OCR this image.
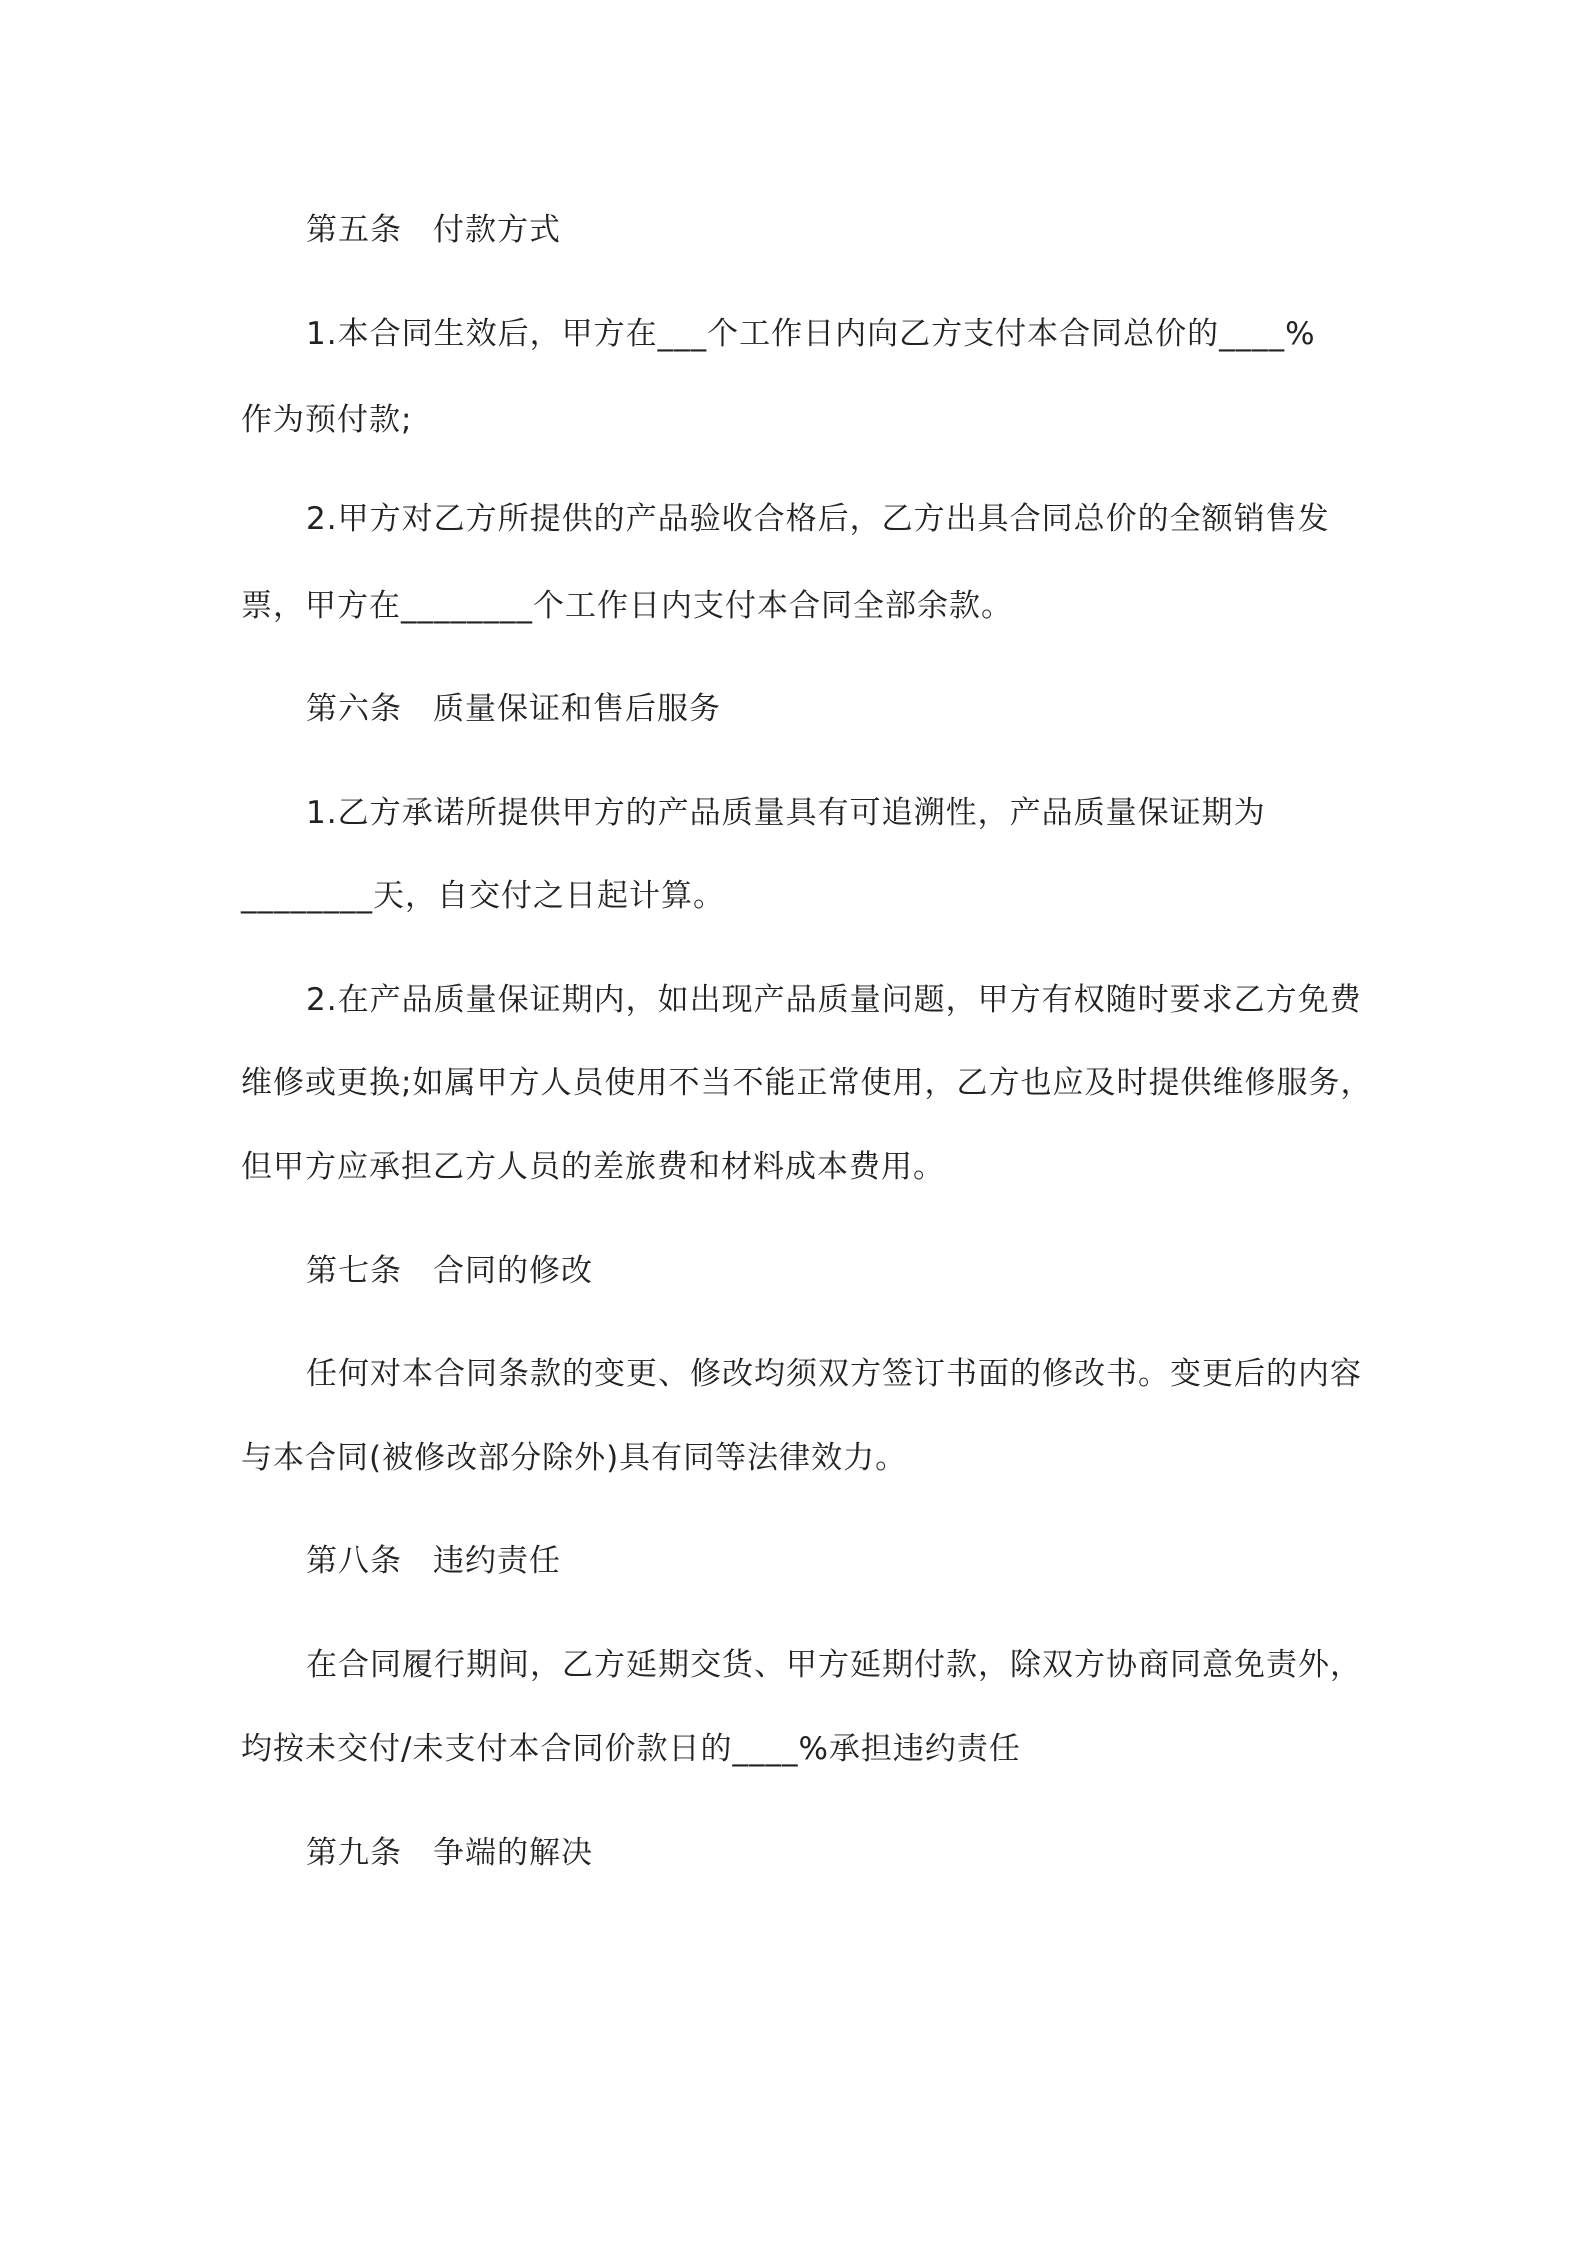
第五条 付款方式
1.本合同生效后，甲方在___个工作日内向乙方支付本合同总价的____%
作为预付款;
2.甲方对乙方所提供的产品验收合格后，乙方出具合同总价的全额销售发
票，甲方在________个工作日内支付本合同全部余款。
第六条 质量保证和售后服务
1.乙方承诺所提供甲方的产品质量具有可追溯性，产品质量保证期为
________天，自交付之日起计算。
2.在产品质量保证期内，如出现产品质量问题，甲方有权随时要求乙方免费
维修或更换;如属甲方人员使用不当不能正常使用，乙方也应及时提供维修服务，
但甲方应承担乙方人员的差旅费和材料成本费用。
第七条 合同的修改
任何对本合同条款的变更、修改均须双方签订书面的修改书。变更后的内容
与本合同(被修改部分除外)具有同等法律效力。
第八条 违约责任
在合同履行期间，乙方延期交货、甲方延期付款，除双方协商同意免责外，
均按未交付/未支付本合同价款日的____%承担违约责任
第九条 争端的解决
